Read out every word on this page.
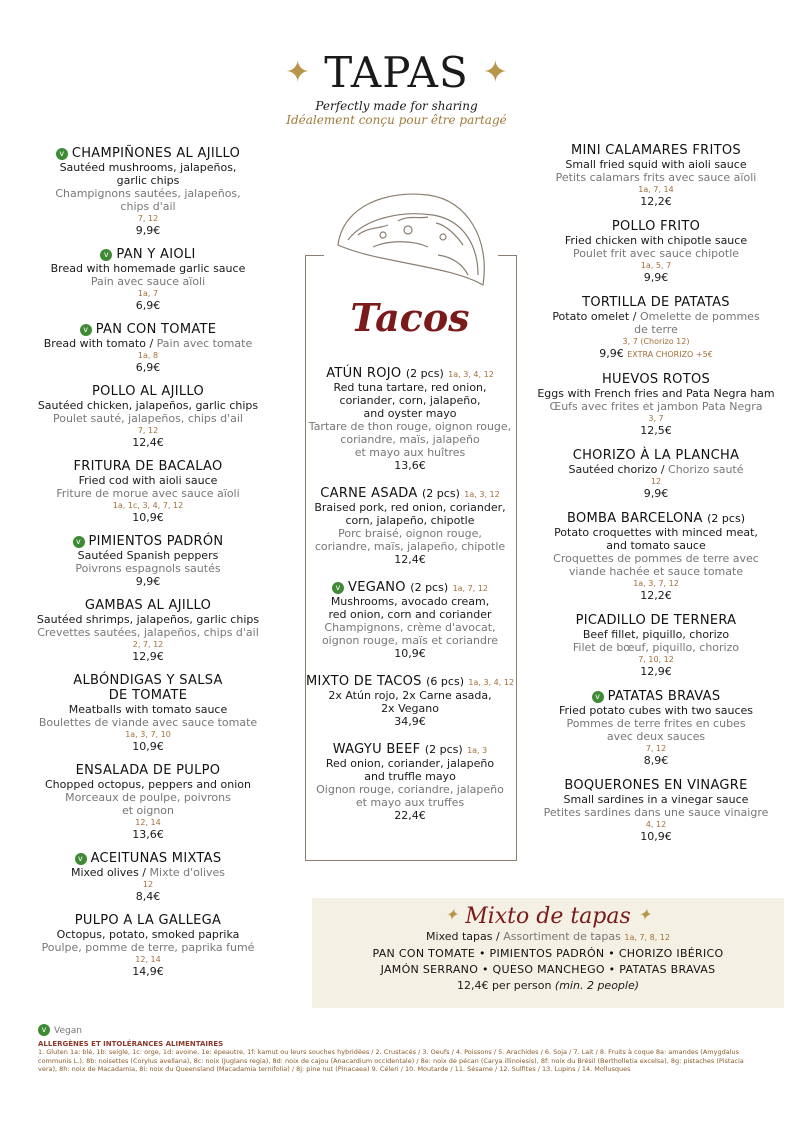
✦ TAPAS ✦
Perfectly made for sharing
Idéalement conçu pour être partagé
v CHAMPIÑONES AL AJILLO
Sautéed mushrooms, jalapeños,
garlic chips
Champignons sautées, jalapeños,
chips d'ail
7, 12
9,9€
v PAN Y AIOLI
Bread with homemade garlic sauce
Pain avec sauce aïoli
1a, 7
6,9€
v PAN CON TOMATE
Bread with tomato / Pain avec tomate
1a, 8
6,9€
POLLO AL AJILLO
Sautéed chicken, jalapeños, garlic chips
Poulet sauté, jalapeños, chips d'ail
7, 12
12,4€
FRITURA DE BACALAO
Fried cod with aioli sauce
Friture de morue avec sauce aïoli
1a, 1c, 3, 4, 7, 12
10,9€
v PIMIENTOS PADRÓN
Sautéed Spanish peppers
Poivrons espagnols sautés
9,9€
GAMBAS AL AJILLO
Sautéed shrimps, jalapeños, garlic chips
Crevettes sautées, jalapeños, chips d'ail
2, 7, 12
12,9€
ALBÓNDIGAS Y SALSA
DE TOMATE
Meatballs with tomato sauce
Boulettes de viande avec sauce tomate
1a, 3, 7, 10
10,9€
ENSALADA DE PULPO
Chopped octopus, peppers and onion
Morceaux de poulpe, poivrons
et oignon
12, 14
13,6€
v ACEITUNAS MIXTAS
Mixed olives / Mixte d'olives
12
8,4€
PULPO A LA GALLEGA
Octopus, potato, smoked paprika
Poulpe, pomme de terre, paprika fumé
12, 14
14,9€
Tacos
ATÚN ROJO (2 pcs) 1a, 3, 4, 12
Red tuna tartare, red onion,
coriander, corn, jalapeño,
and oyster mayo
Tartare de thon rouge, oignon rouge,
coriandre, maïs, jalapeño
et mayo aux huîtres
13,6€
CARNE ASADA (2 pcs) 1a, 3, 12
Braised pork, red onion, coriander,
corn, jalapeño, chipotle
Porc braisé, oignon rouge,
coriandre, maïs, jalapeño, chipotle
12,4€
v VEGANO (2 pcs) 1a, 7, 12
Mushrooms, avocado cream,
red onion, corn and coriander
Champignons, crème d'avocat,
oignon rouge, maïs et coriandre
10,9€
MIXTO DE TACOS (6 pcs) 1a, 3, 4, 12
2x Atún rojo, 2x Carne asada,
2x Vegano
34,9€
WAGYU BEEF (2 pcs) 1a, 3
Red onion, coriander, jalapeño
and truffle mayo
Oignon rouge, coriandre, jalapeño
et mayo aux truffes
22,4€
MINI CALAMARES FRITOS
Small fried squid with aioli sauce
Petits calamars frits avec sauce aïoli
1a, 7, 14
12,2€
POLLO FRITO
Fried chicken with chipotle sauce
Poulet frit avec sauce chipotle
1a, 5, 7
9,9€
TORTILLA DE PATATAS
Potato omelet / Omelette de pommes
de terre
3, 7 (Chorizo 12)
9,9€ EXTRA CHORIZO +5€
HUEVOS ROTOS
Eggs with French fries and Pata Negra ham
Œufs avec frites et jambon Pata Negra
3, 7
12,5€
CHORIZO À LA PLANCHA
Sautéed chorizo / Chorizo sauté
12
9,9€
BOMBA BARCELONA (2 pcs)
Potato croquettes with minced meat,
and tomato sauce
Croquettes de pommes de terre avec
viande hachée et sauce tomate
1a, 3, 7, 12
12,2€
PICADILLO DE TERNERA
Beef fillet, piquillo, chorizo
Filet de bœuf, piquillo, chorizo
7, 10, 12
12,9€
v PATATAS BRAVAS
Fried potato cubes with two sauces
Pommes de terre frites en cubes
avec deux sauces
7, 12
8,9€
BOQUERONES EN VINAGRE
Small sardines in a vinegar sauce
Petites sardines dans une sauce vinaigre
4, 12
10,9€
✦ Mixto de tapas ✦
Mixed tapas / Assortiment de tapas 1a, 7, 8, 12
PAN CON TOMATE • PIMIENTOS PADRÓN • CHORIZO IBÉRICO
JAMÓN SERRANO • QUESO MANCHEGO • PATATAS BRAVAS
12,4€ per person (min. 2 people)
v Vegan
ALLERGÈNES ET INTOLÉRANCES ALIMENTAIRES
1. Gluten 1a: blé, 1b: seigle, 1c: orge, 1d: avoine, 1e: épeautre, 1f: kamut ou leurs souches hybridées / 2. Crustacés / 3. Oeufs / 4. Poissons / 5. Arachides / 6. Soja / 7. Lait / 8. Fruits à coque 8a: amandes (Amygdalus communis L.), 8b: noisettes (Corylus avellana), 8c: noix (Juglans regia), 8d: noix de cajou (Anacardium occidentale) / 8e: noix de pécan (Carya illinoiesis), 8f: noix du Brésil (Bertholletia excelsa), 8g: pistaches (Pistacia vera), 8h: noix de Macadamia, 8i: noix du Queensland (Macadamia ternifolia) / 8j: pine nut (Pinacaea) 9. Céleri / 10. Moutarde / 11. Sésame / 12. Sulfites / 13. Lupins / 14. Mollusques
